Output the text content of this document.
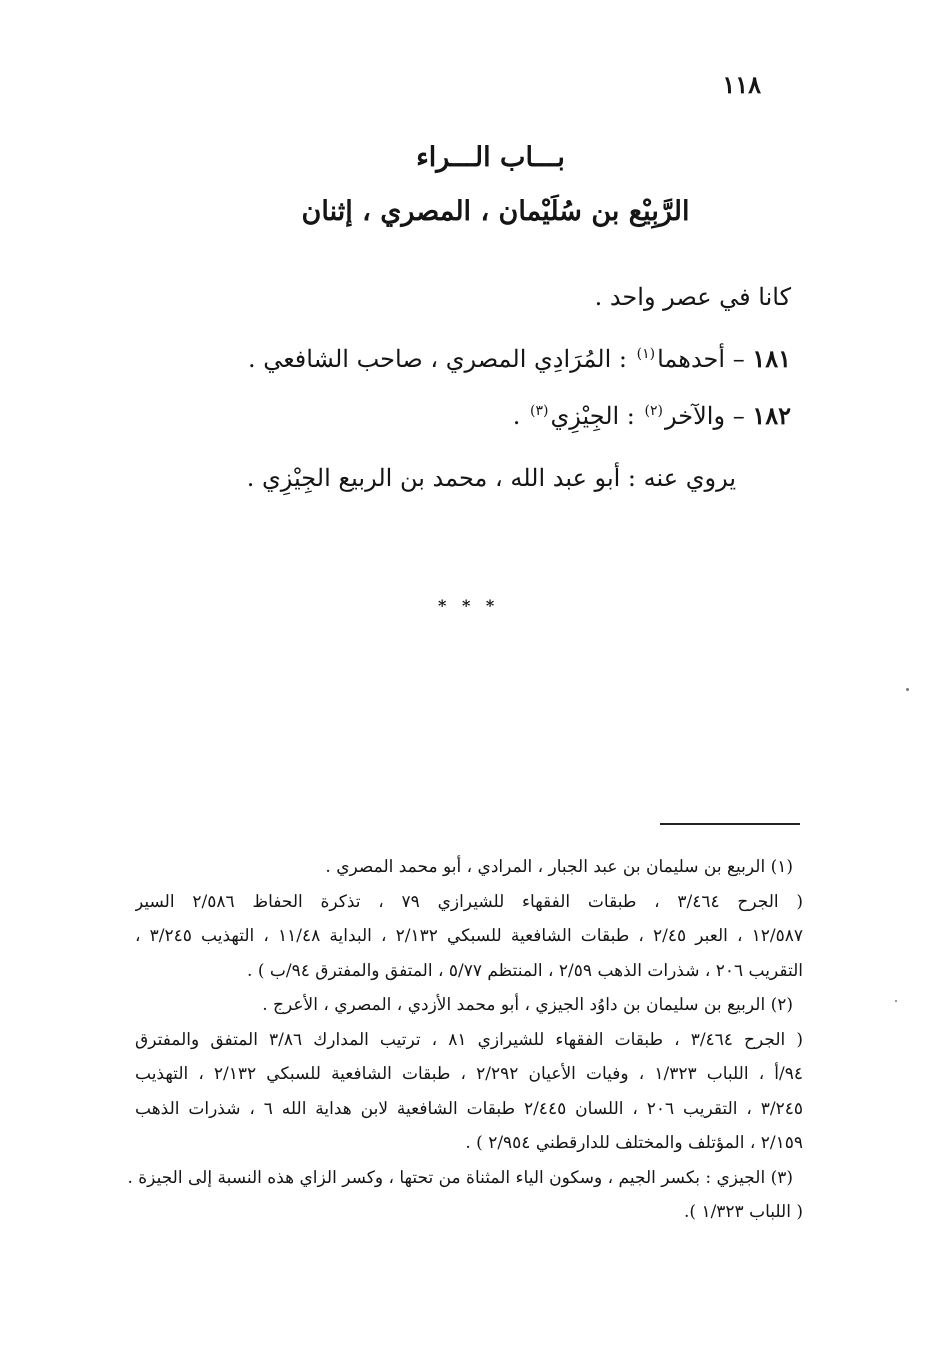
١١٨
بـــاب الـــراء
الرَّبِيْع بن سُلَيْمان ، المصري ، إثنان
كانا في عصر واحد .
١٨١ – أحدهما$^{(١)}$ : المُرَادِي المصري ، صاحب الشافعي .
١٨٢ – والآخر$^{(٢)}$ : الجِيْزِي$^{(٣)}$ .
يروي عنه : أبو عبد الله ، محمد بن الربيع الجِيْزِي .
* * *
(١) الربيع بن سليمان بن عبد الجبار ، المرادي ، أبو محمد المصري .
( الجرح ٣/٤٦٤ ، طبقات الفقهاء للشيرازي ٧٩ ، تذكرة الحفاظ ٢/٥٨٦ السير
١٢/٥٨٧ ، العبر ٢/٤٥ ، طبقات الشافعية للسبكي ٢/١٣٢ ، البداية ١١/٤٨ ، التهذيب ٣/٢٤٥ ،
التقريب ٢٠٦ ، شذرات الذهب ٢/٥٩ ، المنتظم ٥/٧٧ ، المتفق والمفترق ٩٤/ب ) .
(٢) الربيع بن سليمان بن داوُد الجيزي ، أبو محمد الأزدي ، المصري ، الأعرج .
( الجرح ٣/٤٦٤ ، طبقات الفقهاء للشيرازي ٨١ ، ترتيب المدارك ٣/٨٦ المتفق والمفترق
٩٤/أ ، اللباب ١/٣٢٣ ، وفيات الأعيان ٢/٢٩٢ ، طبقات الشافعية للسبكي ٢/١٣٢ ، التهذيب
٣/٢٤٥ ، التقريب ٢٠٦ ، اللسان ٢/٤٤٥ طبقات الشافعية لابن هداية الله ٦ ، شذرات الذهب
٢/١٥٩ ، المؤتلف والمختلف للدارقطني ٢/٩٥٤ ) .
(٣) الجيزي : بكسر الجيم ، وسكون الياء المثناة من تحتها ، وكسر الزاي هذه النسبة إلى الجيزة .
( اللباب ١/٣٢٣ ).
